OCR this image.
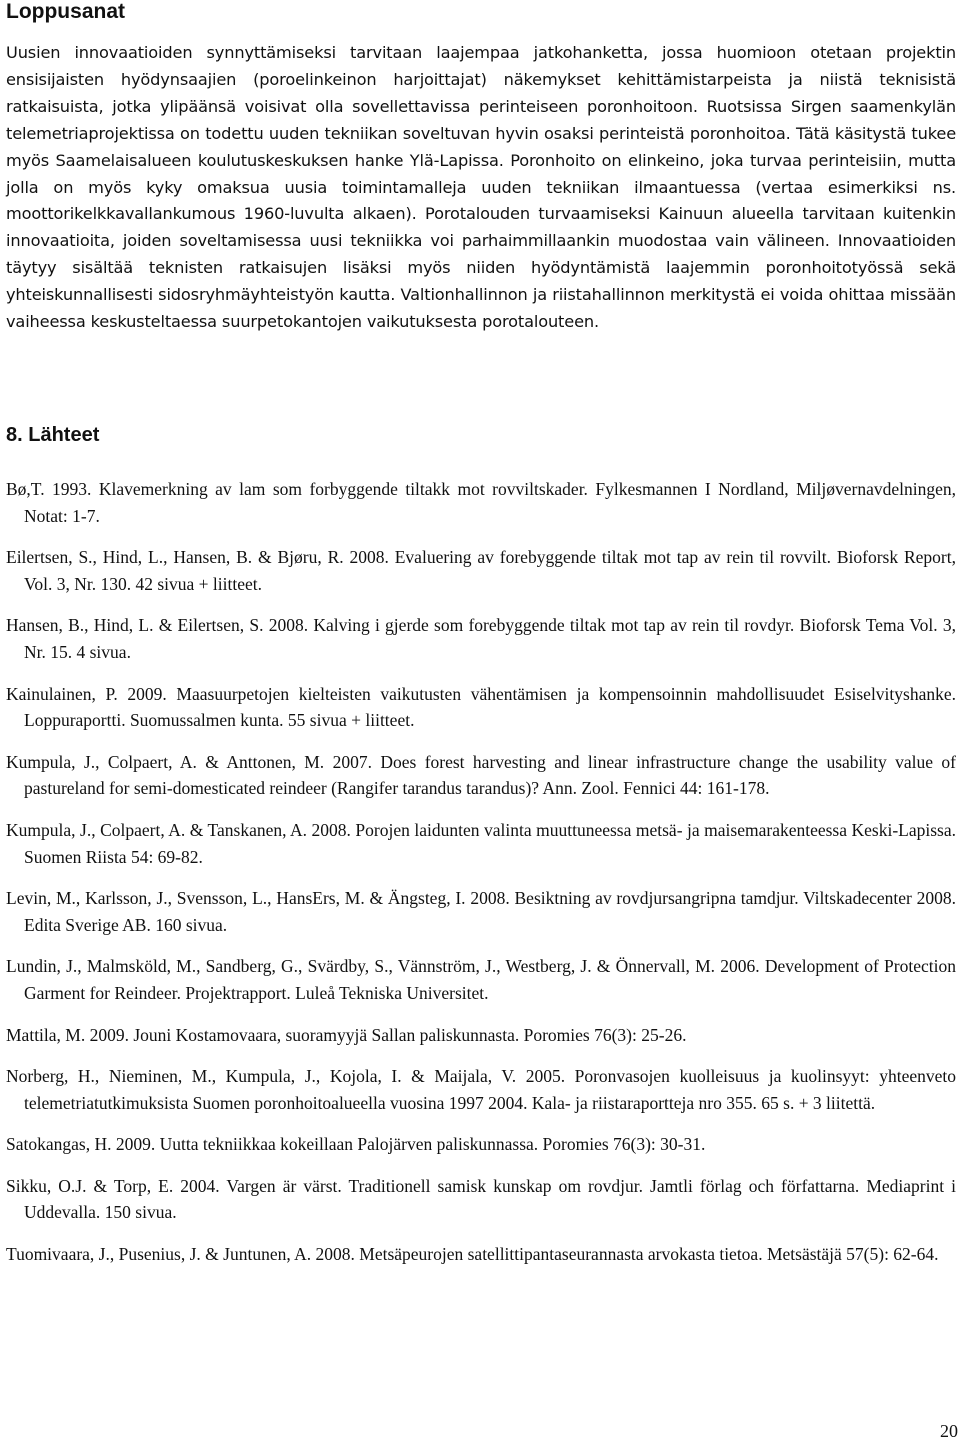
Loppusanat

Uusien innovaatioiden synnyttämiseksi tarvitaan laajempaa jatkohanketta, jossa huomioon otetaan projektin ensisijaisten hyödynsaajien (poroelinkeinon harjoittajat) näkemykset kehittämistarpeista ja niistä teknisistä ratkaisuista, jotka ylipäänsä voisivat olla sovellettavissa perinteiseen poronhoitoon. Ruotsissa Sirgen saamenkylän telemetriaprojektissa on todettu uuden tekniikan soveltuvan hyvin osaksi perinteistä poronhoitoa. Tätä käsitystä tukee myös Saamelaisalueen koulutuskeskuksen hanke Ylä-Lapissa. Poronhoito on elinkeino, joka turvaa perinteisiin, mutta jolla on myös kyky omaksua uusia toimintamalleja uuden tekniikan ilmaantuessa (vertaa esimerkiksi ns. moottorikelkkavallankumous 1960-luvulta alkaen). Porotalouden turvaamiseksi Kainuun alueella tarvitaan kuitenkin innovaatioita, joiden soveltamisessa uusi tekniikka voi parhaimmillaankin muodostaa vain välineen. Innovaatioiden täytyy sisältää teknisten ratkaisujen lisäksi myös niiden hyödyntämistä laajemmin poronhoitotyössä sekä yhteiskunnallisesti sidosryhmäyhteistyön kautta. Valtionhallinnon ja riistahallinnon merkitystä ei voida ohittaa missään vaiheessa keskusteltaessa suurpetokantojen vaikutuksesta porotalouteen.

8. Lähteet
Bø,T. 1993. Klavemerkning av lam som forbyggende tiltakk mot rovviltskader. Fylkesmannen I Nordland, Miljøvernavdelningen, Notat: 1-7.
Eilertsen, S., Hind, L., Hansen, B. & Bjøru, R. 2008. Evaluering av forebyggende tiltak mot tap av rein til rovvilt. Bioforsk Report, Vol. 3, Nr. 130. 42 sivua + liitteet.
Hansen, B., Hind, L. & Eilertsen, S. 2008. Kalving i gjerde som forebyggende tiltak mot tap av rein til rovdyr. Bioforsk Tema Vol. 3, Nr. 15. 4 sivua.
Kainulainen, P. 2009. Maasuurpetojen kielteisten vaikutusten vähentämisen ja kompensoinnin mahdollisuudet Esiselvityshanke. Loppuraportti. Suomussalmen kunta. 55 sivua + liitteet.
Kumpula, J., Colpaert, A. & Anttonen, M. 2007. Does forest harvesting and linear infrastructure change the usability value of pastureland for semi-domesticated reindeer (Rangifer tarandus tarandus)? Ann. Zool. Fennici 44: 161-178.
Kumpula, J., Colpaert, A. & Tanskanen, A. 2008. Porojen laidunten valinta muuttuneessa metsä- ja maisemarakenteessa Keski-Lapissa. Suomen Riista 54: 69-82.
Levin, M., Karlsson, J., Svensson, L., HansErs, M. & Ängsteg, I. 2008. Besiktning av rovdjursangripna tamdjur. Viltskadecenter 2008. Edita Sverige AB. 160 sivua.
Lundin, J., Malmsköld, M., Sandberg, G., Svärdby, S., Vännström, J., Westberg, J. & Önnervall, M. 2006. Development of Protection Garment for Reindeer. Projektrapport. Luleå Tekniska Universitet.
Mattila, M. 2009. Jouni Kostamovaara, suoramyyjä Sallan paliskunnasta. Poromies 76(3): 25-26.
Norberg, H., Nieminen, M., Kumpula, J., Kojola, I. & Maijala, V. 2005. Poronvasojen kuolleisuus ja kuolinsyyt: yhteenveto telemetriatutkimuksista Suomen poronhoitoalueella vuosina 1997 2004. Kala- ja riistaraportteja nro 355. 65 s. + 3 liitettä.
Satokangas, H. 2009. Uutta tekniikkaa kokeillaan Palojärven paliskunnassa. Poromies 76(3): 30-31.
Sikku, O.J. & Torp, E. 2004. Vargen är värst. Traditionell samisk kunskap om rovdjur. Jamtli förlag och författarna. Mediaprint i Uddevalla. 150 sivua.
Tuomivaara, J., Pusenius, J. & Juntunen, A. 2008. Metsäpeurojen satellittipantaseurannasta arvokasta tietoa. Metsästäjä 57(5): 62-64.
20
